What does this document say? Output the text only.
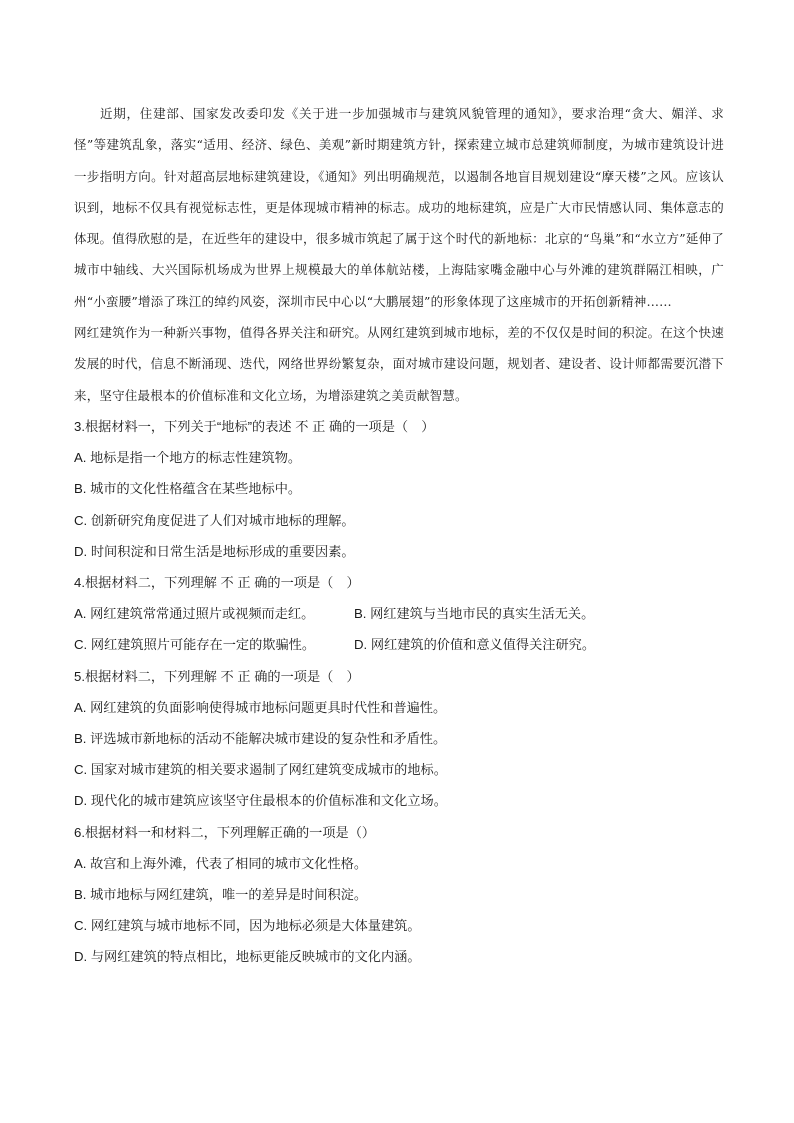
近期，住建部、国家发改委印发《关于进一步加强城市与建筑风貌管理的通知》，要求治理“贪大、媚洋、求怪”等建筑乱象，落实“适用、经济、绿色、美观”新时期建筑方针，探索建立城市总建筑师制度，为城市建筑设计进一步指明方向。针对超高层地标建筑建设，《通知》列出明确规范，以遏制各地盲目规划建设“摩天楼”之风。应该认识到，地标不仅具有视觉标志性，更是体现城市精神的标志。成功的地标建筑，应是广大市民情感认同、集体意志的体现。值得欣慰的是，在近些年的建设中，很多城市筑起了属于这个时代的新地标：北京的“鸟巢”和“水立方”延伸了城市中轴线、大兴国际机场成为世界上规模最大的单体航站楼，上海陆家嘴金融中心与外滩的建筑群隔江相映，广州“小蛮腰”增添了珠江的绰约风姿，深圳市民中心以“大鹏展翅”的形象体现了这座城市的开拓创新精神……

网红建筑作为一种新兴事物，值得各界关注和研究。从网红建筑到城市地标，差的不仅仅是时间的积淀。在这个快速发展的时代，信息不断涌现、迭代，网络世界纷繁复杂，面对城市建设问题，规划者、建设者、设计师都需要沉潜下来，坚守住最根本的价值标准和文化立场，为增添建筑之美贡献智慧。

3.根据材料一，下列关于“地标”的表述 不 正 确的一项是（　）

A. 地标是指一个地方的标志性建筑物。

B. 城市的文化性格蕴含在某些地标中。

C. 创新研究角度促进了人们对城市地标的理解。

D. 时间积淀和日常生活是地标形成的重要因素。

4.根据材料二，下列理解 不 正 确的一项是（　）

A. 网红建筑常常通过照片或视频而走红。	B. 网红建筑与当地市民的真实生活无关。
C. 网红建筑照片可能存在一定的欺骗性。	D. 网红建筑的价值和意义值得关注研究。

5.根据材料二，下列理解 不 正 确的一项是（　）

A. 网红建筑的负面影响使得城市地标问题更具时代性和普遍性。

B. 评选城市新地标的活动不能解决城市建设的复杂性和矛盾性。

C. 国家对城市建筑的相关要求遏制了网红建筑变成城市的地标。

D. 现代化的城市建筑应该坚守住最根本的价值标准和文化立场。

6.根据材料一和材料二，下列理解正确的一项是（）

A. 故宫和上海外滩，代表了相同的城市文化性格。

B. 城市地标与网红建筑，唯一的差异是时间积淀。

C. 网红建筑与城市地标不同，因为地标必须是大体量建筑。

D. 与网红建筑的特点相比，地标更能反映城市的文化内涵。
